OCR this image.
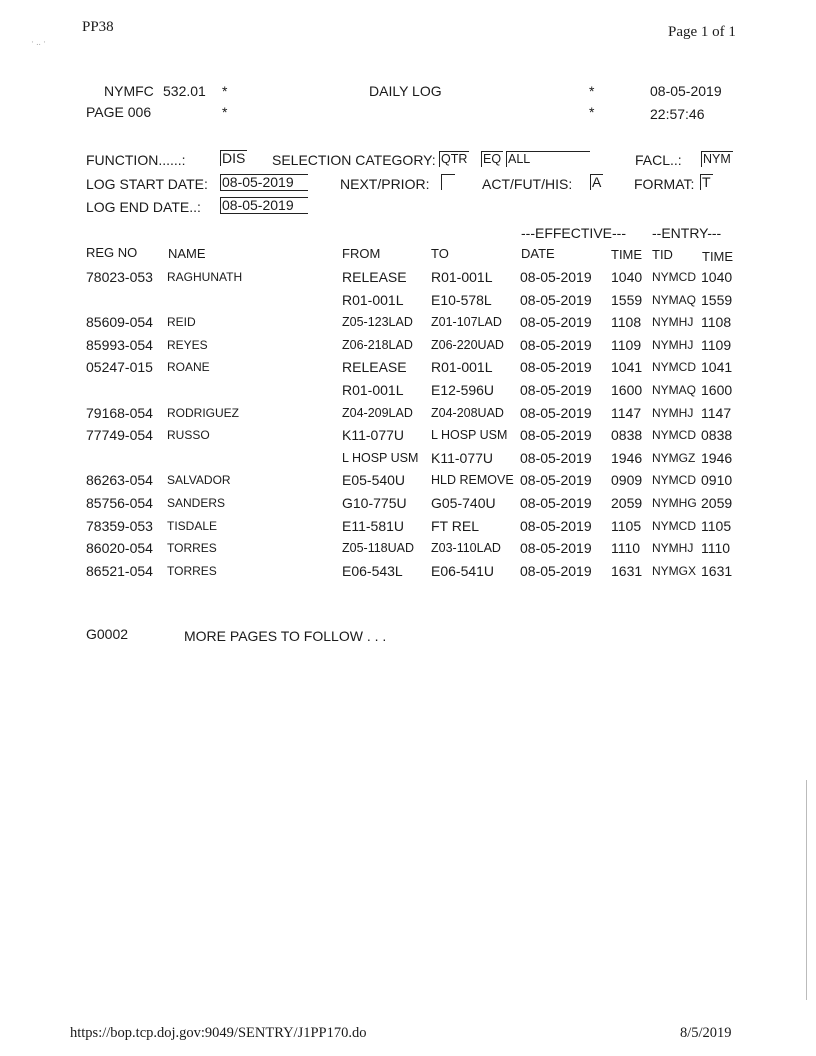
PP38
· .. ·
Page 1 of 1
NYMFC 532.01 *	DAILY LOG	*	08-05-2019
PAGE 006	*	*	22:57:46
FUNCTION......:	DIS SELECTION CATEGORY: QTR EQ ALL	FACL..: NYM
LOG START DATE: 08-05-2019	NEXT/PRIOR:	ACT/FUT/HIS: A FORMAT: T
LOG END DATE..: 08-05-2019
---EFFECTIVE--- --ENTRY---
REG NO NAME	FROM	TO	DATE	TIME TID TIME
78023-053 RAGHUNATH	RELEASE R01-001L 08-05-2019 1040 NYMCD 1040
R01-001L E10-578L 08-05-2019 1559 NYMAQ 1559
85609-054 REID	Z05-123LAD Z01-107LAD 08-05-2019 1108 NYMHJ 1108
85993-054 REYES	Z06-218LAD Z06-220UAD 08-05-2019 1109 NYMHJ 1109
05247-015 ROANE	RELEASE R01-001L 08-05-2019 1041 NYMCD 1041
R01-001L E12-596U 08-05-2019 1600 NYMAQ 1600
79168-054 RODRIGUEZ	Z04-209LAD Z04-208UAD 08-05-2019 1147 NYMHJ 1147
77749-054 RUSSO	K11-077U L HOSP USM 08-05-2019 0838 NYMCD 0838
L HOSP USM K11-077U 08-05-2019 1946 NYMGZ 1946
86263-054 SALVADOR	E05-540U HLD REMOVE 08-05-2019 0909 NYMCD 0910
85756-054 SANDERS	G10-775U G05-740U 08-05-2019 2059 NYMHG 2059
78359-053 TISDALE	E11-581U FT REL	08-05-2019 1105 NYMCD 1105
86020-054 TORRES	Z05-118UAD Z03-110LAD 08-05-2019 1110 NYMHJ 1110
86521-054 TORRES	E06-543L E06-541U 08-05-2019 1631 NYMGX 1631
G0002	MORE PAGES TO FOLLOW . . .
https://bop.tcp.doj.gov:9049/SENTRY/J1PP170.do	8/5/2019
